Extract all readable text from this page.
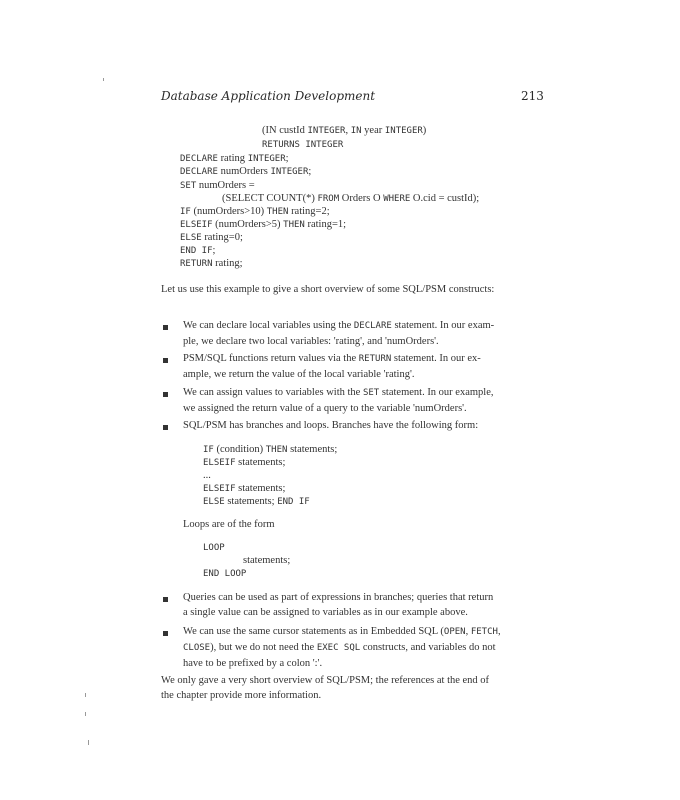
Database Application Development	213
(IN custId INTEGER, IN year INTEGER)
RETURNS INTEGER
DECLARE rating INTEGER;
DECLARE numOrders INTEGER;
SET numOrders =
(SELECT COUNT(*) FROM Orders O WHERE O.cid = custId);
IF (numOrders>10) THEN rating=2;
ELSEIF (numOrders>5) THEN rating=1;
ELSE rating=0;
END IF;
RETURN rating;
Let us use this example to give a short overview of some SQL/PSM constructs:
We can declare local variables using the DECLARE statement. In our exam-
ple, we declare two local variables: 'rating', and 'numOrders'.
PSM/SQL functions return values via the RETURN statement. In our ex-
ample, we return the value of the local variable 'rating'.
We can assign values to variables with the SET statement. In our example,
we assigned the return value of a query to the variable 'numOrders'.
SQL/PSM has branches and loops. Branches have the following form:
IF (condition) THEN statements;
ELSEIF statements;
...
ELSEIF statements;
ELSE statements; END IF
Loops are of the form
LOOP
statements;
END LOOP
Queries can be used as part of expressions in branches; queries that return
a single value can be assigned to variables as in our example above.
We can use the same cursor statements as in Embedded SQL (OPEN, FETCH,
CLOSE), but we do not need the EXEC SQL constructs, and variables do not
have to be prefixed by a colon ':'.
We only gave a very short overview of SQL/PSM; the references at the end of
the chapter provide more information.
